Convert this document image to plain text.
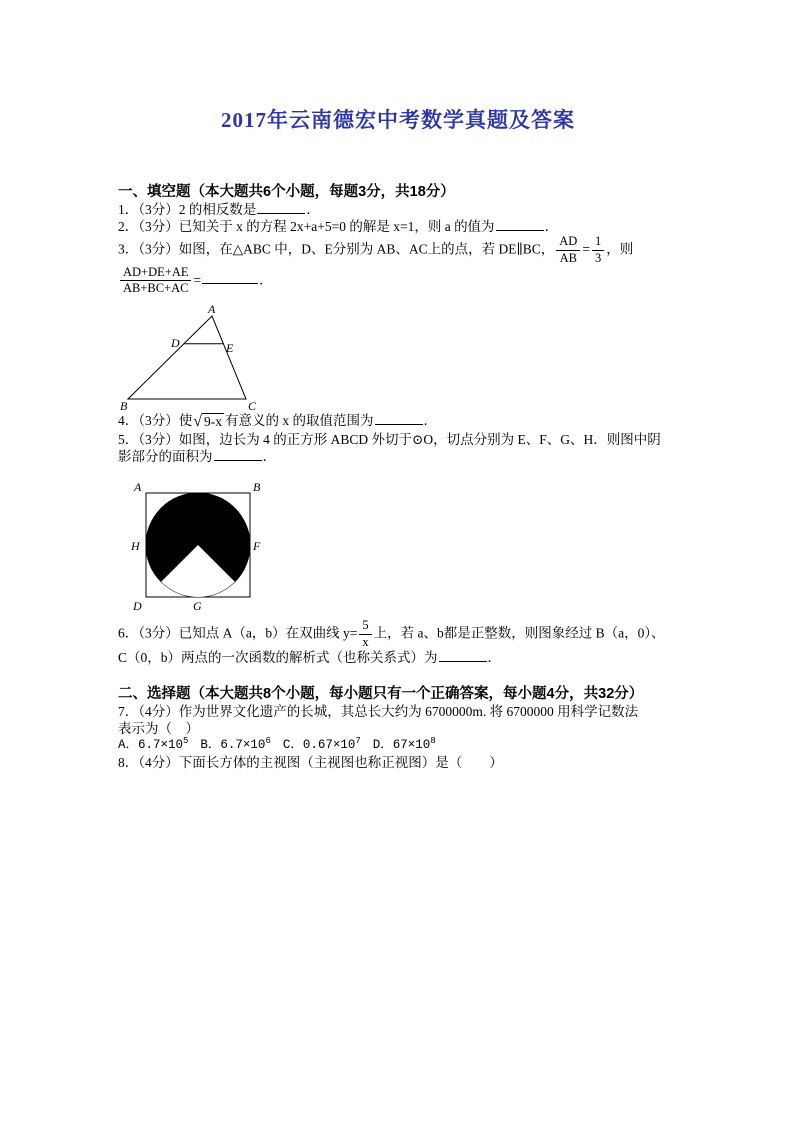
2017年云南德宏中考数学真题及答案
一、填空题（本大题共6个小题，每题3分，共18分）

1．（3分）2 的相反数是	．

2．（3分）已知关于 x 的方程 2x+a+5=0 的解是 x=1，则 a 的值为	．

3．（3分）如图，在△ABC 中，D、E分别为 AB、AC上的点，若 DE∥BC， $\frac{AD}{AB} = \frac{1}{3}$ ，则

$\frac{AD+DE+AE}{AB+BC+AC}$ =	．

A
D	E
B	C

4．（3分）使 √ 9-x 有意义的 x 的取值范围为	．

5．（3分）如图，边长为 4 的正方形 ABCD 外切于⊙O，切点分别为 E、F、G、H．则图中阴

影部分的面积为	．

A	B
H	F
D	G

6．（3分）已知点 A（a，b）在双曲线 $y= \frac{5}{x}$ 上，若 a、b都是正整数，则图象经过 B（a，0）、

C（0，b）两点的一次函数的解析式（也称关系式）为	．

二、选择题（本大题共8个小题，每小题只有一个正确答案，每小题4分，共32分）

7．（4分）作为世界文化遗产的长城，其总长大约为 6700000m. 将 6700000 用科学记数法

表示为（　）

A．$6.7\times 10^5$ B．$6.7\times 10^6$ C．$0.67\times 10^7$ D．$67\times 10^8$

8．（4分）下面长方体的主视图（主视图也称正视图）是（　　）
